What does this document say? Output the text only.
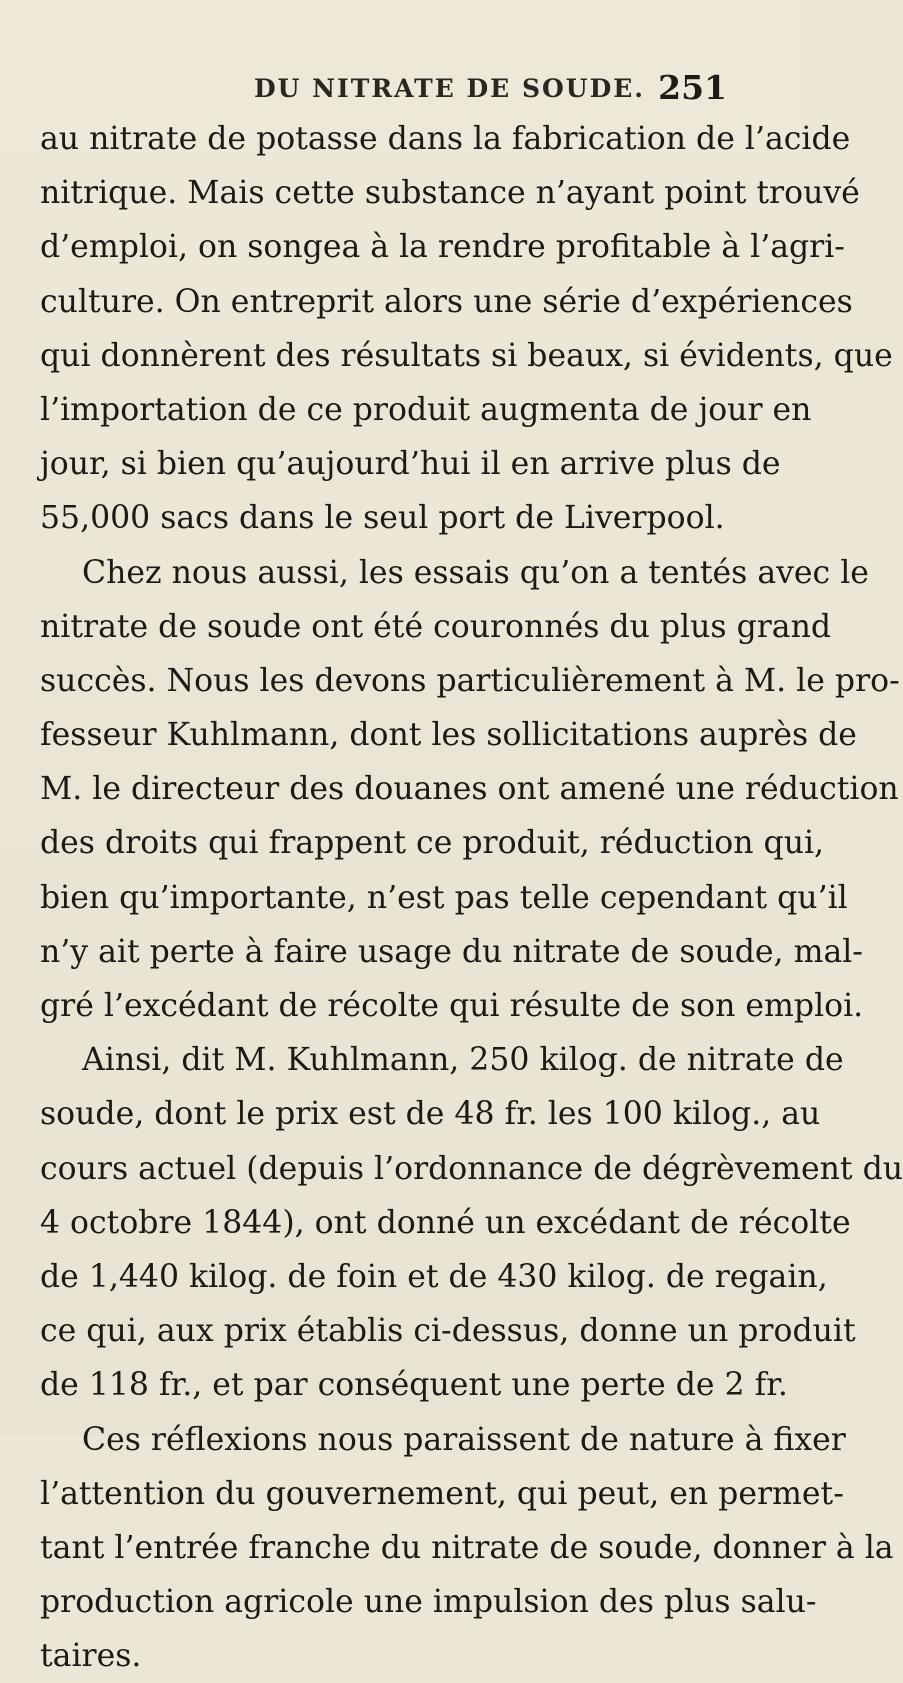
DU NITRATE DE SOUDE. 251
au nitrate de potasse dans la fabrication de l’acide
nitrique. Mais cette substance n’ayant point trouvé
d’emploi, on songea à la rendre profitable à l’agri-
culture. On entreprit alors une série d’expériences
qui donnèrent des résultats si beaux, si évidents, que
l’importation de ce produit augmenta de jour en
jour, si bien qu’aujourd’hui il en arrive plus de
55,000 sacs dans le seul port de Liverpool.
Chez nous aussi, les essais qu’on a tentés avec le
nitrate de soude ont été couronnés du plus grand
succès. Nous les devons particulièrement à M. le pro-
fesseur Kuhlmann, dont les sollicitations auprès de
M. le directeur des douanes ont amené une réduction
des droits qui frappent ce produit, réduction qui,
bien qu’importante, n’est pas telle cependant qu’il
n’y ait perte à faire usage du nitrate de soude, mal-
gré l’excédant de récolte qui résulte de son emploi.
Ainsi, dit M. Kuhlmann, 250 kilog. de nitrate de
soude, dont le prix est de 48 fr. les 100 kilog., au
cours actuel (depuis l’ordonnance de dégrèvement du
4 octobre 1844), ont donné un excédant de récolte
de 1,440 kilog. de foin et de 430 kilog. de regain,
ce qui, aux prix établis ci-dessus, donne un produit
de 118 fr., et par conséquent une perte de 2 fr.
Ces réflexions nous paraissent de nature à fixer
l’attention du gouvernement, qui peut, en permet-
tant l’entrée franche du nitrate de soude, donner à la
production agricole une impulsion des plus salu-
taires.
